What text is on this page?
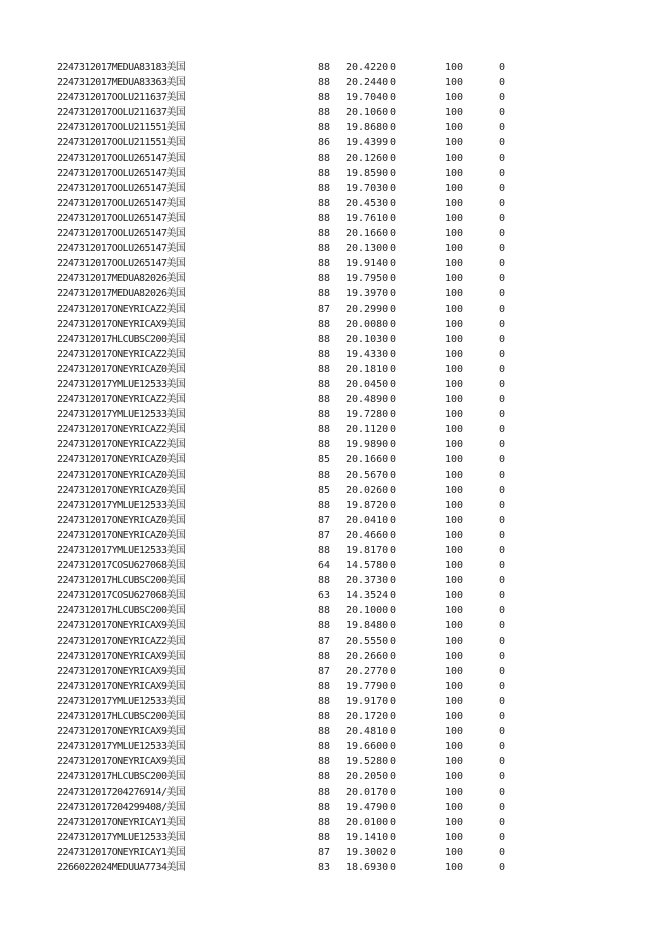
2247312017MEDUA83183美国	88 20.4220 0	100	0
2247312017MEDUA83363美国	88 20.2440 0	100	0
2247312017OOLU211637美国	88 19.7040 0	100	0
2247312017OOLU211637美国	88 20.1060 0	100	0
2247312017OOLU211551美国	88 19.8680 0	100	0
2247312017OOLU211551美国	86 19.4399 0	100	0
2247312017OOLU265147美国	88 20.1260 0	100	0
2247312017OOLU265147美国	88 19.8590 0	100	0
2247312017OOLU265147美国	88 19.7030 0	100	0
2247312017OOLU265147美国	88 20.4530 0	100	0
2247312017OOLU265147美国	88 19.7610 0	100	0
2247312017OOLU265147美国	88 20.1660 0	100	0
2247312017OOLU265147美国	88 20.1300 0	100	0
2247312017OOLU265147美国	88 19.9140 0	100	0
2247312017MEDUA82026美国	88 19.7950 0	100	0
2247312017MEDUA82026美国	88 19.3970 0	100	0
2247312017ONEYRICAZ2美国	87 20.2990 0	100	0
2247312017ONEYRICAX9美国	88 20.0080 0	100	0
2247312017HLCUBSC200美国	88 20.1030 0	100	0
2247312017ONEYRICAZ2美国	88 19.4330 0	100	0
2247312017ONEYRICAZ0美国	88 20.1810 0	100	0
2247312017YMLUE12533美国	88 20.0450 0	100	0
2247312017ONEYRICAZ2美国	88 20.4890 0	100	0
2247312017YMLUE12533美国	88 19.7280 0	100	0
2247312017ONEYRICAZ2美国	88 20.1120 0	100	0
2247312017ONEYRICAZ2美国	88 19.9890 0	100	0
2247312017ONEYRICAZ0美国	85 20.1660 0	100	0
2247312017ONEYRICAZ0美国	88 20.5670 0	100	0
2247312017ONEYRICAZ0美国	85 20.0260 0	100	0
2247312017YMLUE12533美国	88 19.8720 0	100	0
2247312017ONEYRICAZ0美国	87 20.0410 0	100	0
2247312017ONEYRICAZ0美国	87 20.4660 0	100	0
2247312017YMLUE12533美国	88 19.8170 0	100	0
2247312017COSU627068美国	64 14.5780 0	100	0
2247312017HLCUBSC200美国	88 20.3730 0	100	0
2247312017COSU627068美国	63 14.3524 0	100	0
2247312017HLCUBSC200美国	88 20.1000 0	100	0
2247312017ONEYRICAX9美国	88 19.8480 0	100	0
2247312017ONEYRICAZ2美国	87 20.5550 0	100	0
2247312017ONEYRICAX9美国	88 20.2660 0	100	0
2247312017ONEYRICAX9美国	87 20.2770 0	100	0
2247312017ONEYRICAX9美国	88 19.7790 0	100	0
2247312017YMLUE12533美国	88 19.9170 0	100	0
2247312017HLCUBSC200美国	88 20.1720 0	100	0
2247312017ONEYRICAX9美国	88 20.4810 0	100	0
2247312017YMLUE12533美国	88 19.6600 0	100	0
2247312017ONEYRICAX9美国	88 19.5280 0	100	0
2247312017HLCUBSC200美国	88 20.2050 0	100	0
2247312017204276914/美国	88 20.0170 0	100	0
2247312017204299408/美国	88 19.4790 0	100	0
2247312017ONEYRICAY1美国	88 20.0100 0	100	0
2247312017YMLUE12533美国	88 19.1410 0	100	0
2247312017ONEYRICAY1美国	87 19.3002 0	100	0
2266022024MEDUUA7734美国	83 18.6930 0	100	0
